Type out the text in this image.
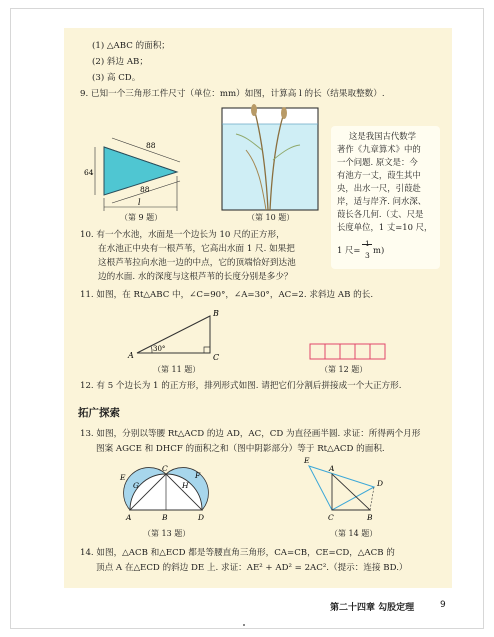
(1) △ABC 的面积；
(2) 斜边 AB；
(3) 高 CD。
9. 已知一个三角形工件尺寸（单位：mm）如图，计算高 l 的长（结果取整数）.
88
64
88
l
（第 9 题）	（第 10 题）
这是我国古代数学
著作《九章算术》中的
一个问题. 原文是：今
有池方一丈，葭生其中
央，出水一尺，引葭赴
岸，适与岸齐. 问水深、
葭长各几何.（丈、尺是
长度单位，1 丈=10 尺，
1 尺=
3
m)
10. 有一个水池，水面是一个边长为 10 尺的正方形，
在水池正中央有一根芦苇，它高出水面 1 尺. 如果把
这根芦苇拉向水池一边的中点，它的顶端恰好到达池
边的水面. 水的深度与这根芦苇的长度分别是多少？
11. 如图，在 Rt△ABC 中，∠C=90°，∠A=30°，AC=2. 求斜边 AB 的长.
A
B
C
30°
（第 11 题）	（第 12 题）
12. 有 5 个边长为 1 的正方形，排列形式如图. 请把它们分割后拼接成一个大正方形.
拓广探索
13. 如图，分别以等腰 Rt△ACD 的边 AD，AC，CD 为直径画半圆. 求证：所得两个月形
图案 AGCE 和 DHCF 的面积之和（图中阴影部分）等于 Rt△ACD 的面积.
E
G
C
H
F
A	B	D
（第 13 题）
E
A
D
C	B
（第 14 题）
14. 如图，△ACB 和△ECD 都是等腰直角三角形，CA=CB，CE=CD，△ACB 的
顶点 A 在△ECD 的斜边 DE 上. 求证：AE² + AD² = 2AC².（提示：连接 BD.）
第二十四章 勾股定理	9
